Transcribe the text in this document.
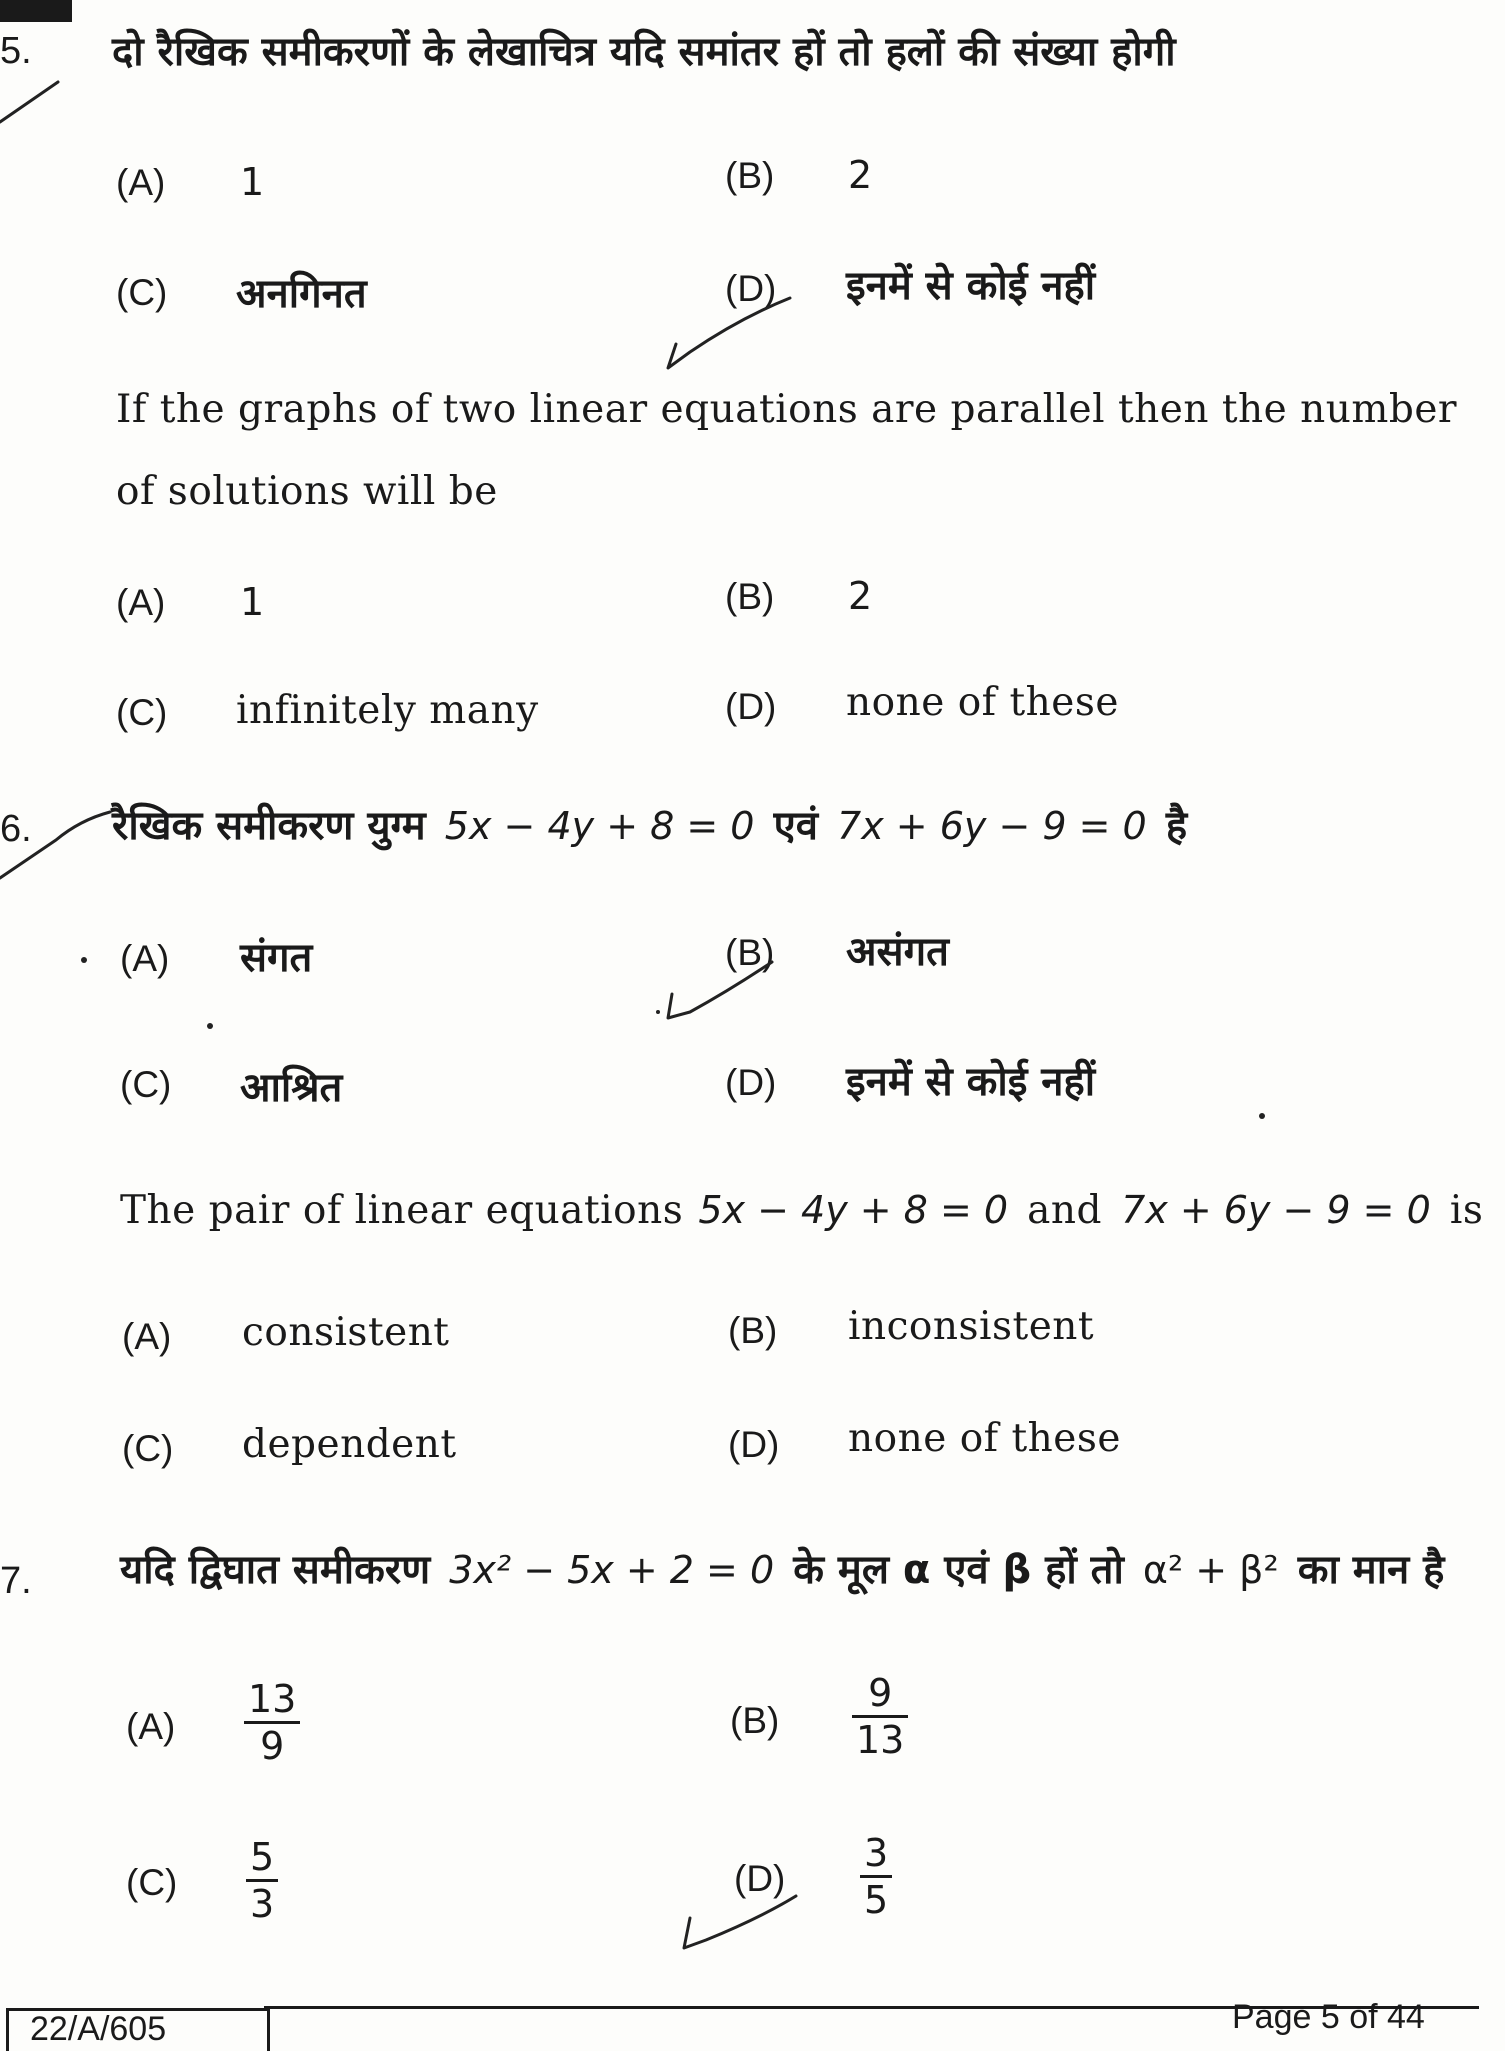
5. दो रैखिक समीकरणों के लेखाचित्र यदि समांतर हों तो हलों की संख्या होगी
(A) 1	(B) 2
(C) अनगिनत	(D) इनमें से कोई नहीं
If the graphs of two linear equations are parallel then the number
of solutions will be
(A) 1	(B) 2
(C) infinitely many	(D) none of these
6. रैखिक समीकरण युग्म 5x − 4y + 8 = 0 एवं 7x + 6y − 9 = 0 है
(A) संगत	(B) असंगत
(C) आश्रित	(D) इनमें से कोई नहीं
The pair of linear equations 5x − 4y + 8 = 0 and 7x + 6y − 9 = 0 is
(A) consistent	(B) inconsistent
(C) dependent	(D) none of these
7. यदि द्विघात समीकरण 3x² − 5x + 2 = 0 के मूल α एवं β हों तो α² + β² का मान है
(A)
13
9
(B)
9
13
(C)
5
3
(D)
3
5
22/A/605	Page 5 of 44
